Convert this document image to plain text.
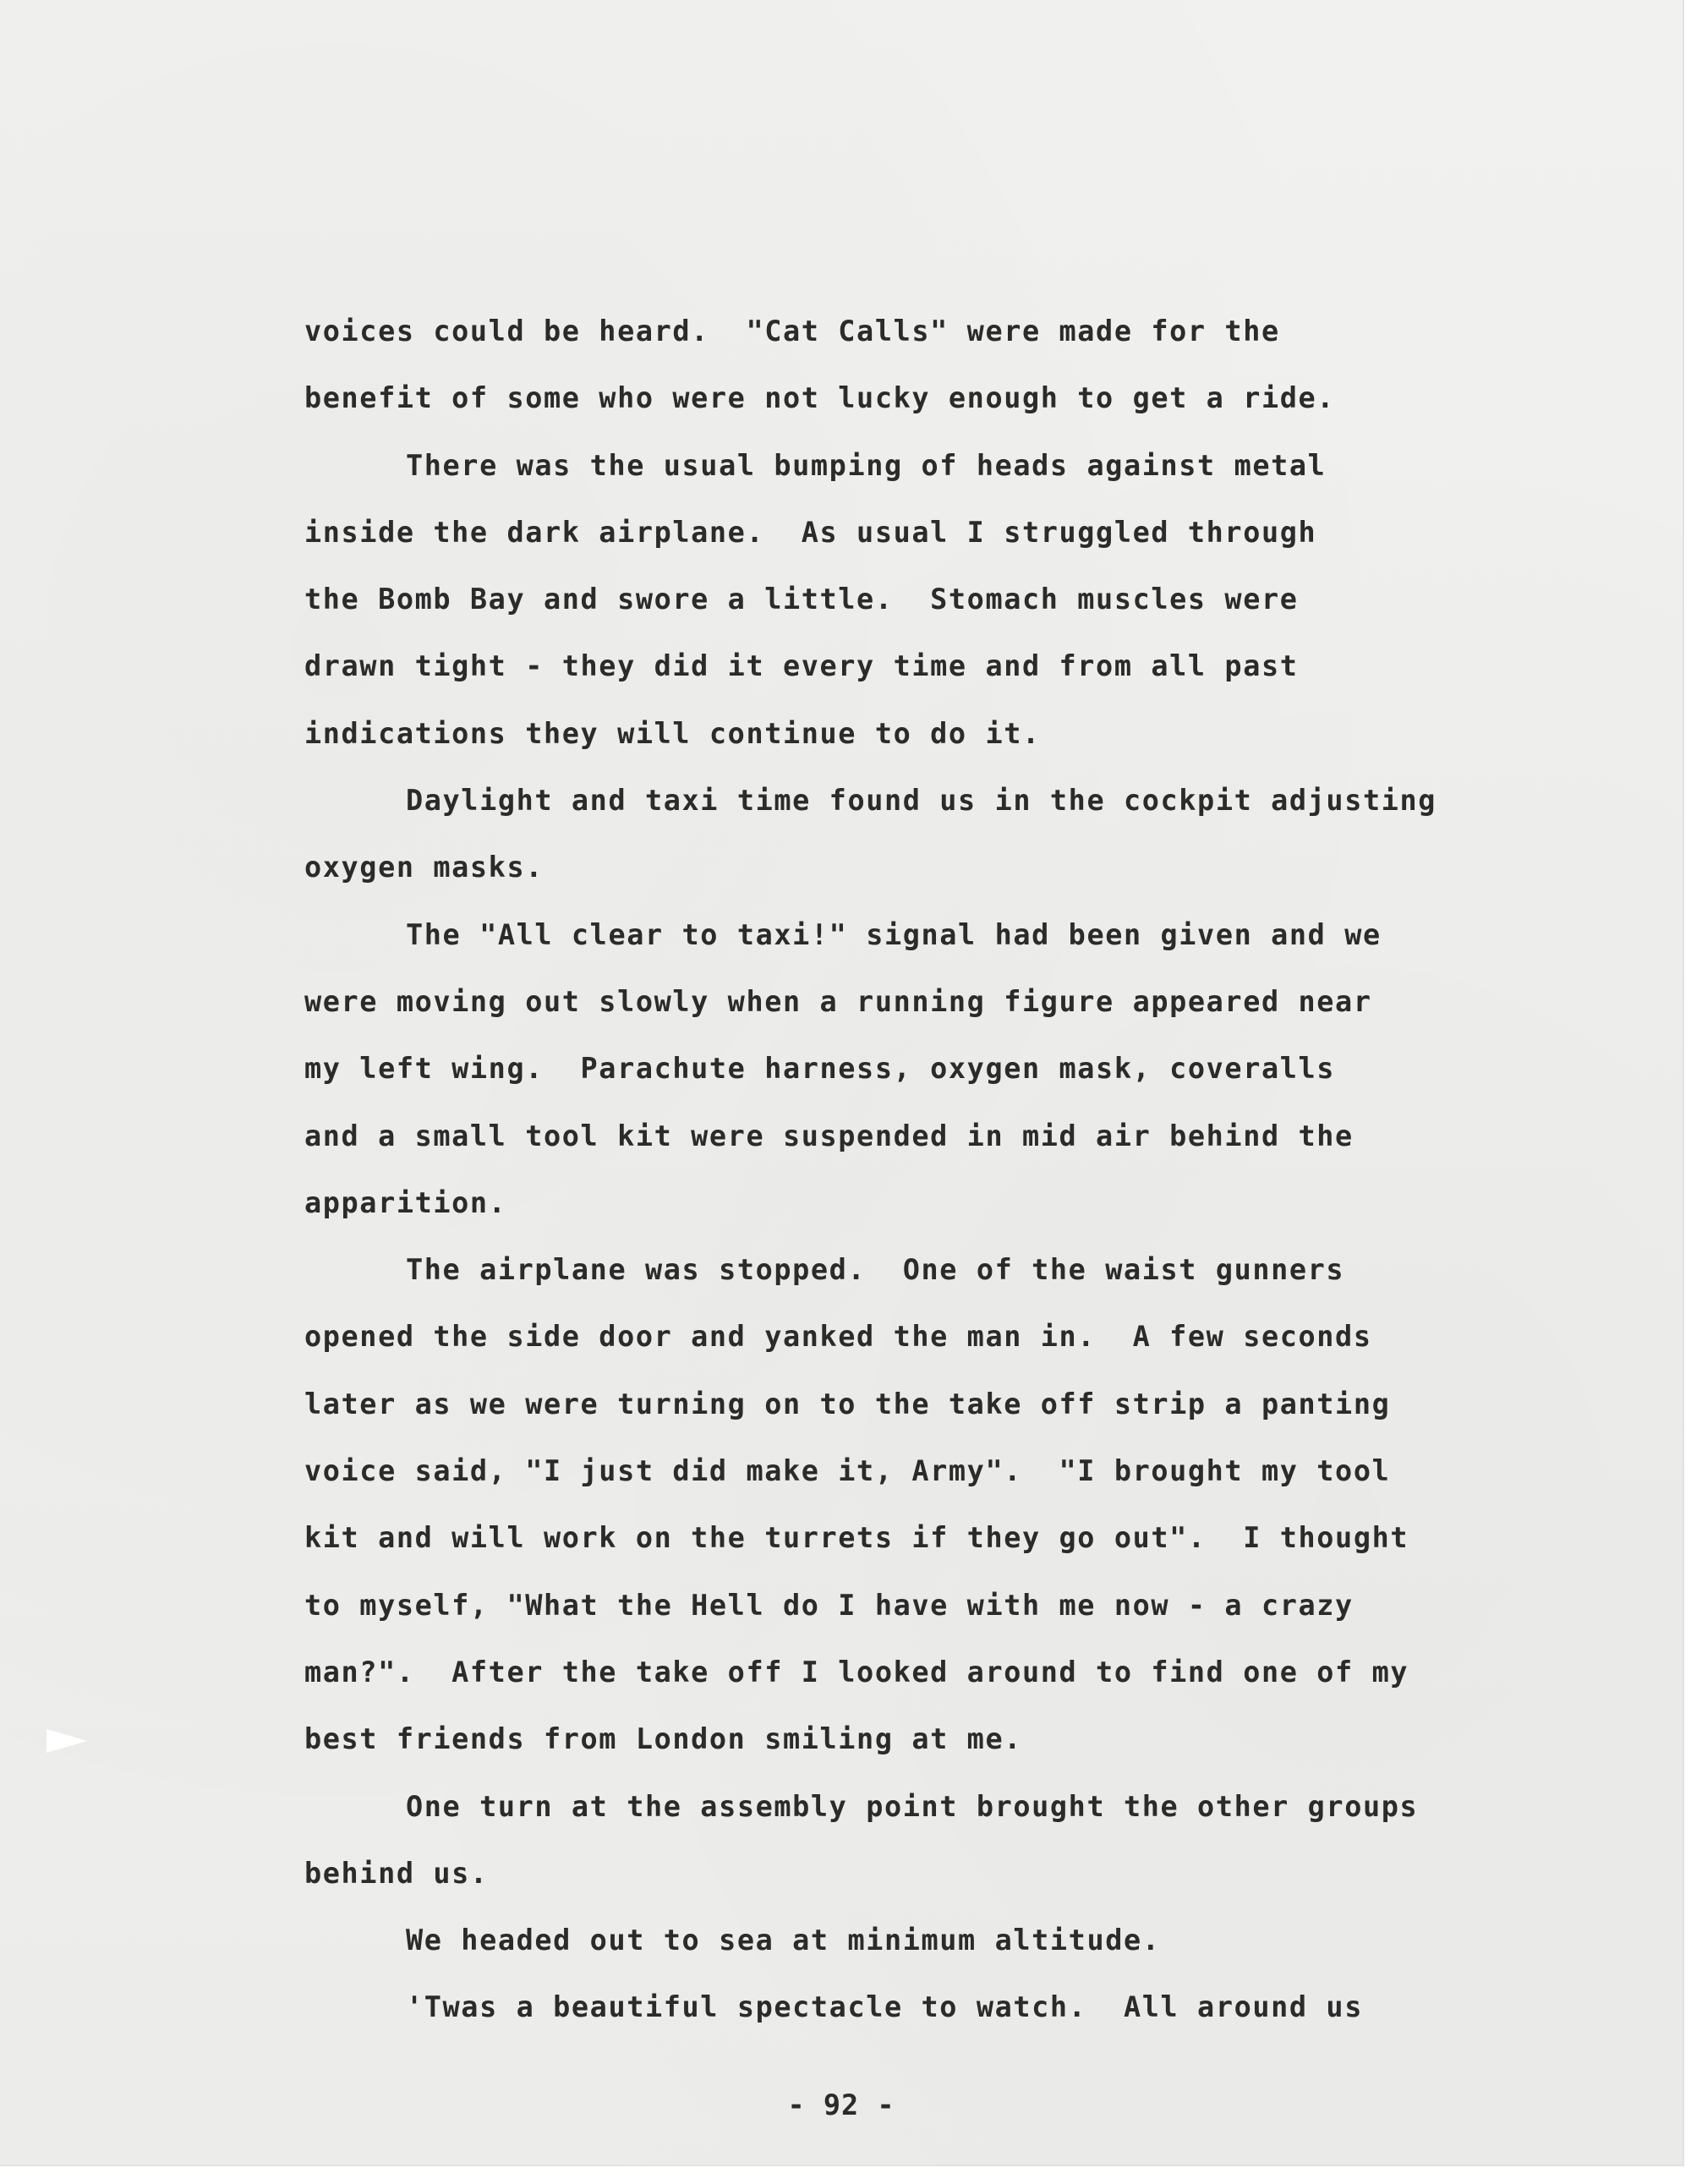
voices could be heard.  "Cat Calls" were made for the
benefit of some who were not lucky enough to get a ride.
There was the usual bumping of heads against metal
inside the dark airplane.  As usual I struggled through
the Bomb Bay and swore a little.  Stomach muscles were
drawn tight - they did it every time and from all past
indications they will continue to do it.
Daylight and taxi time found us in the cockpit adjusting
oxygen masks.
The "All clear to taxi!" signal had been given and we
were moving out slowly when a running figure appeared near
my left wing.  Parachute harness, oxygen mask, coveralls
and a small tool kit were suspended in mid air behind the
apparition.
The airplane was stopped.  One of the waist gunners
opened the side door and yanked the man in.  A few seconds
later as we were turning on to the take off strip a panting
voice said, "I just did make it, Army".  "I brought my tool
kit and will work on the turrets if they go out".  I thought
to myself, "What the Hell do I have with me now - a crazy
man?".  After the take off I looked around to find one of my
best friends from London smiling at me.
One turn at the assembly point brought the other groups
behind us.
We headed out to sea at minimum altitude.
'Twas a beautiful spectacle to watch.  All around us
- 92 -
